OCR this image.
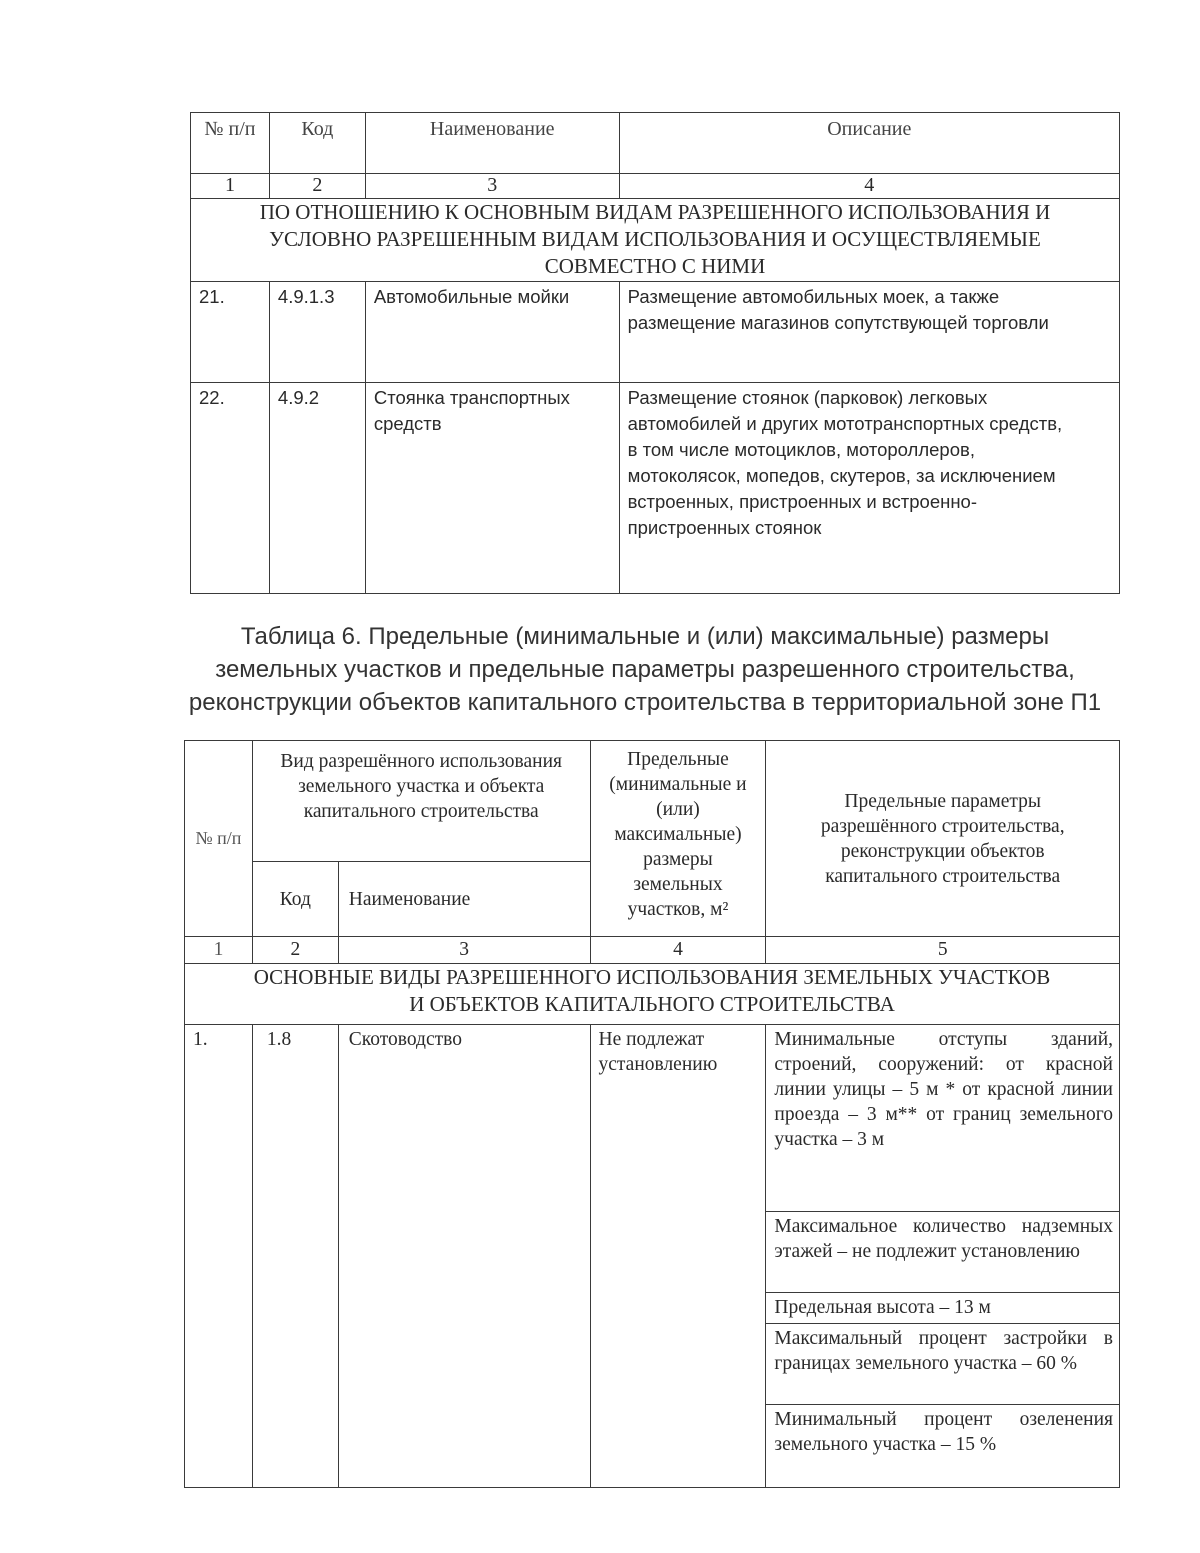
№ п/п	Код	Наименование	Описание
1	2	3	4
ПО ОТНОШЕНИЮ К ОСНОВНЫМ ВИДАМ РАЗРЕШЕННОГО ИСПОЛЬЗОВАНИЯ И УСЛОВНО РАЗРЕШЕННЫМ ВИДАМ ИСПОЛЬЗОВАНИЯ И ОСУЩЕСТВЛЯЕМЫЕ СОВМЕСТНО С НИМИ			
21.	4.9.1.3	Автомобильные мойки	Размещение автомобильных моек, а также размещение магазинов сопутствующей торговли
22.	4.9.2	Стоянка транспортных средств	Размещение стоянок (парковок) легковых автомобилей и других мототранспортных средств, в том числе мотоциклов, мотороллеров, мотоколясок, мопедов, скутеров, за исключением встроенных, пристроенных и встроенно-пристроенных стоянок
Таблица 6. Предельные (минимальные и (или) максимальные) размеры земельных участков и предельные параметры разрешенного строительства, реконструкции объектов капитального строительства в территориальной зоне П1
№ п/п	Вид разрешённого использования земельного участка и объекта капитального строительства		Предельные (минимальные и (или) максимальные) размеры земельных участков, м²	Предельные параметры разрешённого строительства, реконструкции объектов капитального строительства
	Код	Наименование		
1	2	3	4	5
ОСНОВНЫЕ ВИДЫ РАЗРЕШЕННОГО ИСПОЛЬЗОВАНИЯ ЗЕМЕЛЬНЫХ УЧАСТКОВ И ОБЪЕКТОВ КАПИТАЛЬНОГО СТРОИТЕЛЬСТВА				
1.	1.8	Скотоводство	Не подлежат установлению	Минимальные отступы зданий, строений, сооружений: от красной линии улицы – 5 м * от красной линии проезда – 3 м** от границ земельного участка – 3 м
				Максимальное количество надземных этажей – не подлежит установлению
				Предельная высота – 13 м
				Максимальный процент застройки в границах земельного участка – 60 %
				Минимальный процент озеленения земельного участка – 15 %
